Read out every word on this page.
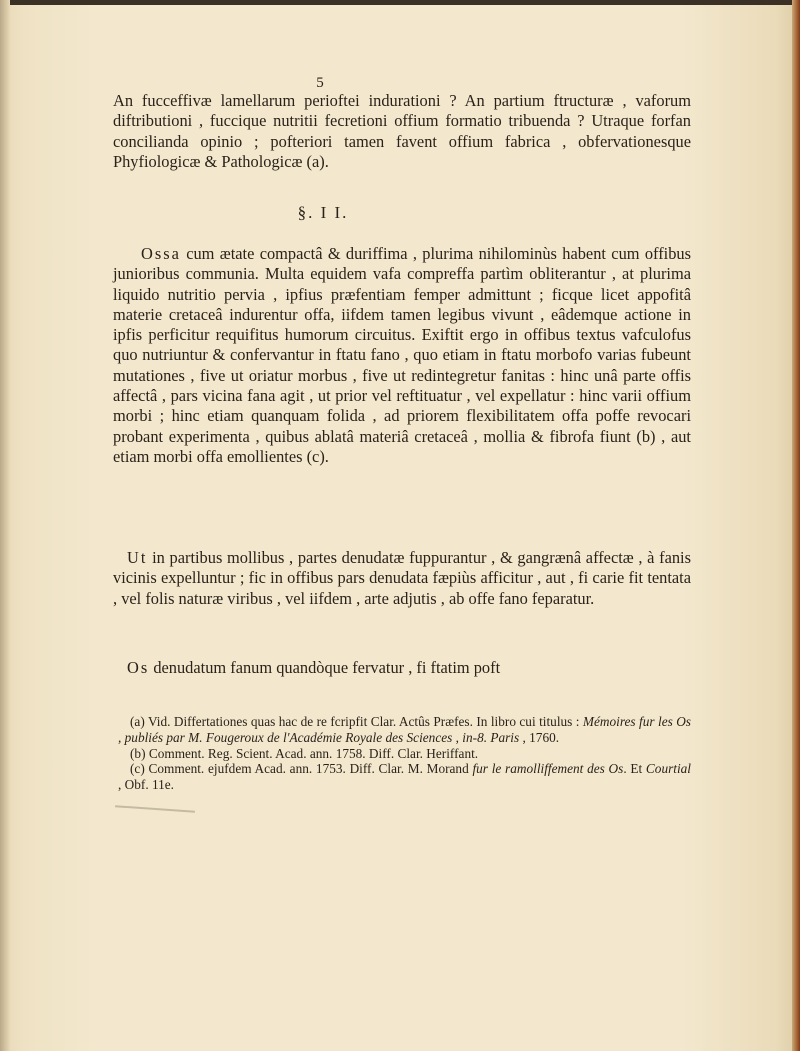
5
An fucceffivæ lamellarum perioftei indurationi ? An partium ftructuræ , vaforum diftributioni , fuccique nutritii fecretioni offium formatio tribuenda ? Utraque forfan concilianda opinio ; pofteriori tamen favent offium fabrica , obfervationesque Phyfiologicæ & Pathologicæ (a).
§. I I.
Ossa cum ætate compactâ & duriffima , plurima nihilominùs habent cum offibus junioribus communia. Multa equidem vafa compreffa partìm obliterantur , at plurima liquido nutritio pervia , ipfius præfentiam femper admittunt ; ficque licet appofitâ materie cretaceâ indurentur offa, iifdem tamen legibus vivunt , eâdemque actione in ipfis perficitur requifitus humorum circuitus. Exiftit ergo in offibus textus vafculofus quo nutriuntur & confervantur in ftatu fano , quo etiam in ftatu morbofo varias fubeunt mutationes , five ut oriatur morbus , five ut redintegretur fanitas : hinc unâ parte offis affectâ , pars vicina fana agit , ut prior vel reftituatur , vel expellatur : hinc varii offium morbi ; hinc etiam quanquam folida , ad priorem flexibilitatem offa poffe revocari probant experimenta , quibus ablatâ materiâ cretaceâ , mollia & fibrofa fiunt (b) , aut etiam morbi offa emollientes (c).
Ut in partibus mollibus , partes denudatæ fuppurantur , & gangrænâ affectæ , à fanis vicinis expelluntur ; fic in offibus pars denudata fæpiùs afficitur , aut , fi carie fit tentata , vel folis naturæ viribus , vel iifdem , arte adjutis , ab offe fano feparatur.
Os denudatum fanum quandòque fervatur , fi ftatim poft

(a) Vid. Differtationes quas hac de re fcripfit Clar. Actûs Præfes. In libro cui titulus : Mémoires fur les Os , publiés par M. Fougeroux de l'Académie Royale des Sciences , in-8. Paris , 1760.

(b) Comment. Reg. Scient. Acad. ann. 1758. Diff. Clar. Heriffant.

(c) Comment. ejufdem Acad. ann. 1753. Diff. Clar. M. Morand fur le ramolliffement des Os. Et Courtial , Obf. 11e.
